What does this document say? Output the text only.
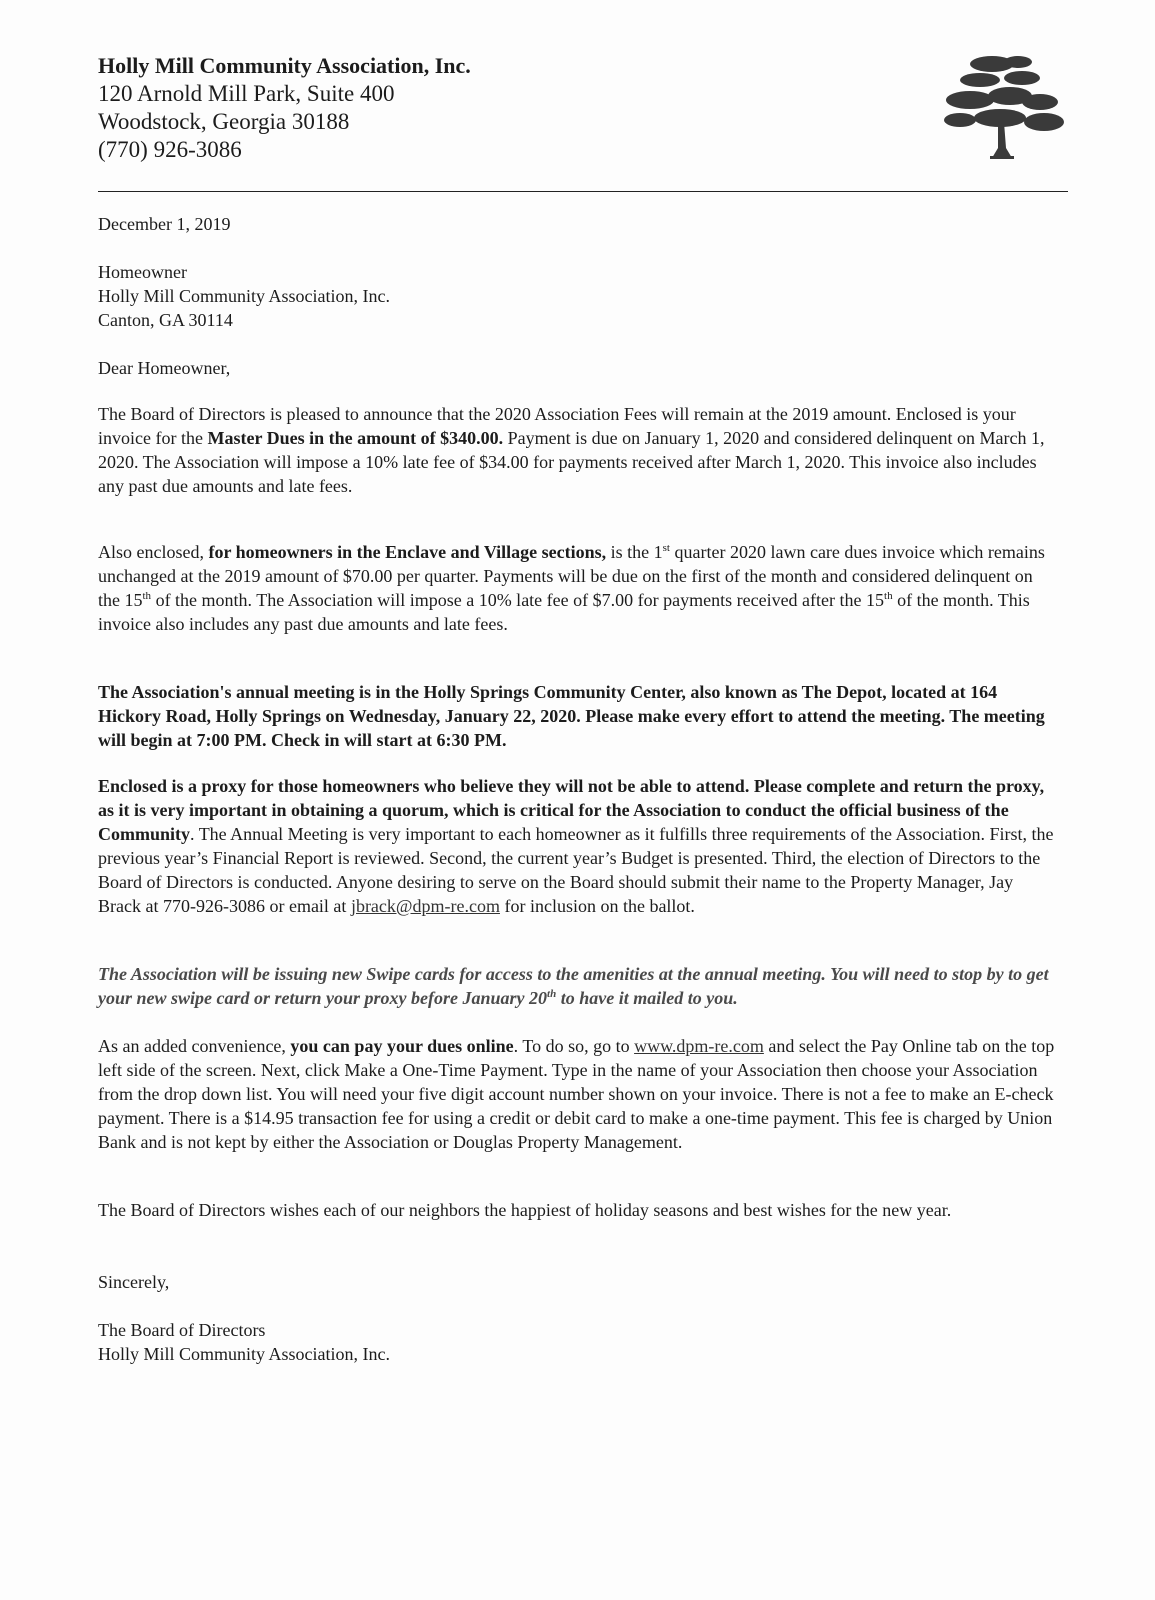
Holly Mill Community Association, Inc.
120 Arnold Mill Park, Suite 400
Woodstock, Georgia 30188
(770) 926-3086
December 1, 2019
Homeowner
Holly Mill Community Association, Inc.
Canton, GA 30114
Dear Homeowner,

The Board of Directors is pleased to announce that the 2020 Association Fees will remain at the 2019 amount. Enclosed is your invoice for the Master Dues in the amount of $340.00. Payment is due on January 1, 2020 and considered delinquent on March 1, 2020. The Association will impose a 10% late fee of $34.00 for payments received after March 1, 2020. This invoice also includes any past due amounts and late fees.

Also enclosed, for homeowners in the Enclave and Village sections, is the 1st quarter 2020 lawn care dues invoice which remains unchanged at the 2019 amount of $70.00 per quarter. Payments will be due on the first of the month and considered delinquent on the 15th of the month. The Association will impose a 10% late fee of $7.00 for payments received after the 15th of the month. This invoice also includes any past due amounts and late fees.

The Association's annual meeting is in the Holly Springs Community Center, also known as The Depot, located at 164 Hickory Road, Holly Springs on Wednesday, January 22, 2020. Please make every effort to attend the meeting. The meeting will begin at 7:00 PM. Check in will start at 6:30 PM.

Enclosed is a proxy for those homeowners who believe they will not be able to attend. Please complete and return the proxy, as it is very important in obtaining a quorum, which is critical for the Association to conduct the official business of the Community. The Annual Meeting is very important to each homeowner as it fulfills three requirements of the Association. First, the previous year’s Financial Report is reviewed. Second, the current year’s Budget is presented. Third, the election of Directors to the Board of Directors is conducted. Anyone desiring to serve on the Board should submit their name to the Property Manager, Jay Brack at 770-926-3086 or email at jbrack@dpm-re.com for inclusion on the ballot.

The Association will be issuing new Swipe cards for access to the amenities at the annual meeting. You will need to stop by to get your new swipe card or return your proxy before January 20th to have it mailed to you.

As an added convenience, you can pay your dues online. To do so, go to www.dpm-re.com and select the Pay Online tab on the top left side of the screen. Next, click Make a One-Time Payment. Type in the name of your Association then choose your Association from the drop down list. You will need your five digit account number shown on your invoice. There is not a fee to make an E-check payment. There is a $14.95 transaction fee for using a credit or debit card to make a one-time payment. This fee is charged by Union Bank and is not kept by either the Association or Douglas Property Management.

The Board of Directors wishes each of our neighbors the happiest of holiday seasons and best wishes for the new year.
Sincerely,
The Board of Directors
Holly Mill Community Association, Inc.
